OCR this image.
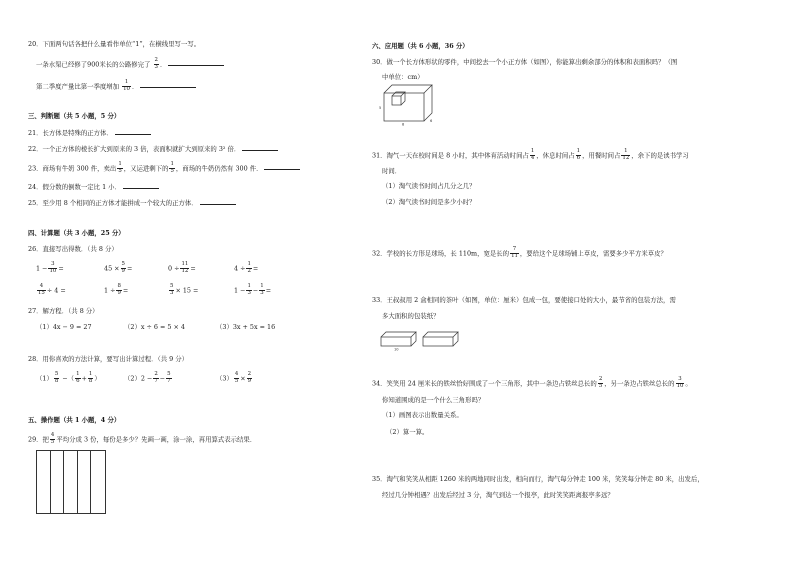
20．下面两句话各把什么量看作单位“1”，在横线里写一写。
一条水渠已经修了900米长的公路修完了 $\frac{2}{3}$ ．
第二季度产量比第一季度增加 $\frac{1}{10}$ ．
三、判断题（共 5 小题，5 分）
21．长方体是特殊的正方体．
22．一个正方体的棱长扩大到原来的 3 倍，表面积就扩大到原来的 3² 倍．
23．商场有牛奶 300 件，卖出 $\frac{1}{5}$ ，又运进剩下的 $\frac{1}{5}$ ，商场的牛奶仍然有 300 件．
24．假分数的倒数一定比 1 小．
25．至少用 8 个相同的正方体才能拼成一个较大的正方体．
四、计算题（共 3 小题，25 分）
26．直接写出得数．（共 8 分）
$1 - \frac{3}{10}$ =	$45 \times \frac{5}{9}$ =	$0 \div \frac{11}{12}$ =	$4 \div \frac{1}{2}$ =
$\frac{4}{15} \div 4$ =	$1 \div \frac{8}{9}$ =	$\frac{5}{3} \times 15$ =	$1 - \frac{1}{3} - \frac{1}{3}$ =
27．解方程．（共 8 分）
（1）4x − 9 = 27	（2）x ÷ 6 = 5 × 4	（3）3x + 5x = 16
28．用你喜欢的方法计算，要写出计算过程．（共 9 分）
$(1) \frac{5}{8}$ −（ $\frac{1}{6} + \frac{1}{8}$ ）	$(2)2 - \frac{2}{7} - \frac{5}{7}$	$(3) \frac{4}{5} \times \frac{2}{9}$
五、操作题（共 1 小题，4 分）
29．把 $\frac{4}{5}$ 平均分成 3 份，每份是多少？先画一画，涂一涂，再用算式表示结果．
六、应用题（共 6 小题，36 分）
30．做一个长方体形状的零件，中间挖去一个小正方体（如图），你能算出剩余部分的体积和表面积吗？（图
中单位：cm）
8
5
6
31．淘气一天在校时间是 8 小时，其中体育活动时间占 $\frac{1}{4}$ ，休息时间占 $\frac{1}{6}$ ，用餐时间占 $\frac{1}{12}$ ，余下的是读书学习
时间．
（1）淘气读书时间占几分之几？
（2）淘气读书时间是多少小时？
32．学校的长方形足球场，长 110m，宽是长的 $\frac{7}{11}$ ，要给这个足球场铺上草皮，需要多少平方米草皮？
33．王叔叔用 2 盒相同的茶叶（如图，单位：厘米）包成一包，要使接口处的大小，最节省的包装方法，需
多大面积的包装纸？
10
34．笑笑用 24 厘米长的铁丝恰好围成了一个三角形，其中一条边占铁丝总长的 $\frac{2}{5}$ ，另一条边占铁丝总长的 $\frac{3}{10}$ 。
你知道围成的是一个什么三角形吗？
（1）画图表示出数量关系。
（2）算一算。
35．淘气和笑笑从相距 1260 米的两地同时出发，相向而行，淘气每分钟走 100 米，笑笑每分钟走 80 米，出发后，
经过几分钟相遇？出发后经过 3 分，淘气到达一个报亭，此时笑笑距离报亭多远？
